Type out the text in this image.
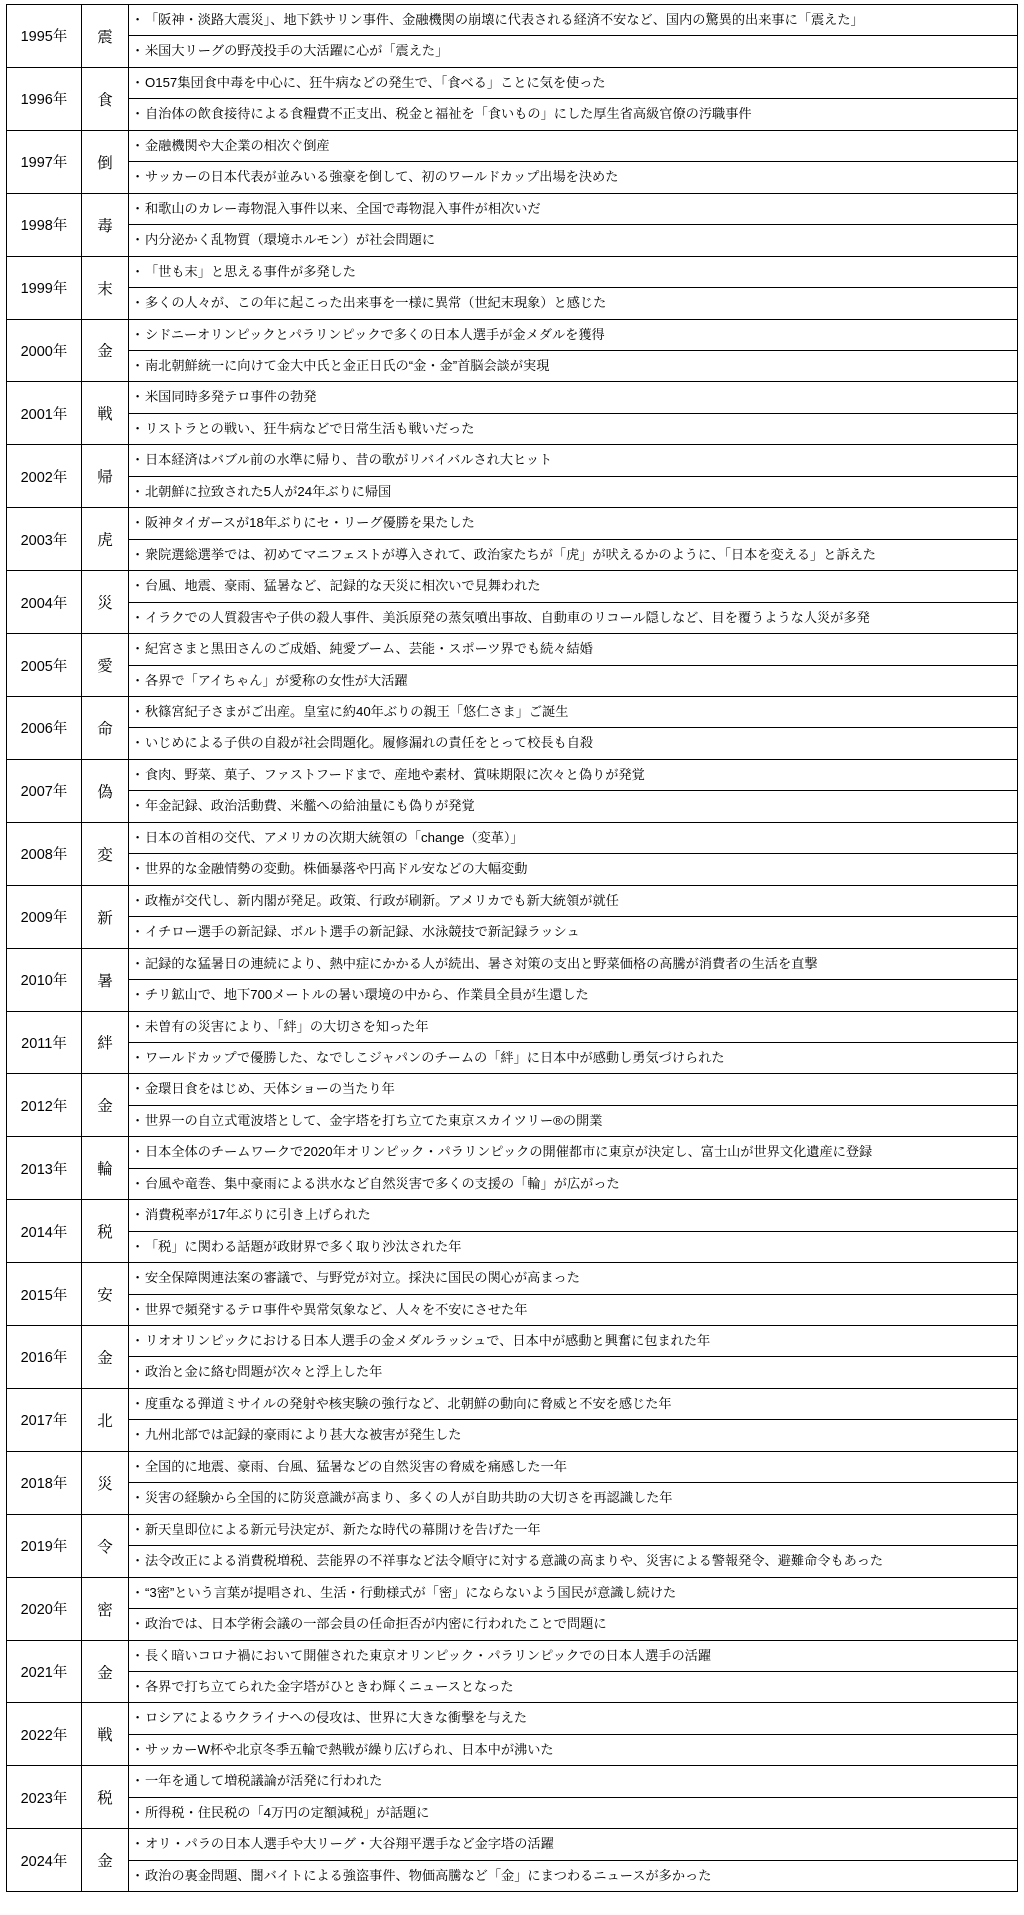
1995年	震	
・ 「阪神・淡路大震災」、地下鉄サリン事件、金融機関の崩壊に代表される経済不安など、国内の驚異的出来事に「震えた」
・ 米国大リーグの野茂投手の大活躍に心が「震えた」

1996年	食	
・ О157集団食中毒を中心に、狂牛病などの発生で、「食べる」ことに気を使った
・ 自治体の飲食接待による食糧費不正支出、税金と福祉を「食いもの」にした厚生省高級官僚の汚職事件

1997年	倒	
・ 金融機関や大企業の相次ぐ倒産
・ サッカーの日本代表が並みいる強豪を倒して、初のワールドカップ出場を決めた

1998年	毒	
・ 和歌山のカレー毒物混入事件以来、全国で毒物混入事件が相次いだ
・ 内分泌かく乱物質（環境ホルモン）が社会問題に

1999年	末	
・ 「世も末」と思える事件が多発した
・ 多くの人々が、この年に起こった出来事を一様に異常（世紀末現象）と感じた

2000年	金	
・ シドニーオリンピックとパラリンピックで多くの日本人選手が金メダルを獲得
・ 南北朝鮮統一に向けて金大中氏と金正日氏の“金・金”首脳会談が実現

2001年	戦	
・ 米国同時多発テロ事件の勃発
・ リストラとの戦い、狂牛病などで日常生活も戦いだった

2002年	帰	
・ 日本経済はバブル前の水準に帰り、昔の歌がリバイバルされ大ヒット
・ 北朝鮮に拉致された5人が24年ぶりに帰国

2003年	虎	
・ 阪神タイガースが18年ぶりにセ・リーグ優勝を果たした
・ 衆院選総選挙では、初めてマニフェストが導入されて、政治家たちが「虎」が吠えるかのように、「日本を変える」と訴えた

2004年	災	
・ 台風、地震、豪雨、猛暑など、記録的な天災に相次いで見舞われた
・ イラクでの人質殺害や子供の殺人事件、美浜原発の蒸気噴出事故、自動車のリコール隠しなど、目を覆うような人災が多発

2005年	愛	
・ 紀宮さまと黒田さんのご成婚、純愛ブーム、芸能・スポーツ界でも続々結婚
・ 各界で「アイちゃん」が愛称の女性が大活躍

2006年	命	
・ 秋篠宮紀子さまがご出産。皇室に約40年ぶりの親王「悠仁さま」ご誕生
・ いじめによる子供の自殺が社会問題化。履修漏れの責任をとって校長も自殺

2007年	偽	
・ 食肉、野菜、菓子、ファストフードまで、産地や素材、賞味期限に次々と偽りが発覚
・ 年金記録、政治活動費、米艦への給油量にも偽りが発覚

2008年	変	
・ 日本の首相の交代、アメリカの次期大統領の「change（変革）」
・ 世界的な金融情勢の変動。株価暴落や円高ドル安などの大幅変動

2009年	新	
・ 政権が交代し、新内閣が発足。政策、行政が刷新。アメリカでも新大統領が就任
・ イチロー選手の新記録、ボルト選手の新記録、水泳競技で新記録ラッシュ

2010年	暑	
・ 記録的な猛暑日の連続により、熱中症にかかる人が続出、暑さ対策の支出と野菜価格の高騰が消費者の生活を直撃
・ チリ鉱山で、地下700メートルの暑い環境の中から、作業員全員が生還した

2011年	絆	
・ 未曽有の災害により、「絆」の大切さを知った年
・ ワールドカップで優勝した、なでしこジャパンのチームの「絆」に日本中が感動し勇気づけられた

2012年	金	
・ 金環日食をはじめ、天体ショーの当たり年
・ 世界一の自立式電波塔として、金字塔を打ち立てた東京スカイツリー®の開業

2013年	輪	
・ 日本全体のチームワークで2020年オリンピック・パラリンピックの開催都市に東京が決定し、富士山が世界文化遺産に登録
・ 台風や竜巻、集中豪雨による洪水など自然災害で多くの支援の「輪」が広がった

2014年	税	
・ 消費税率が17年ぶりに引き上げられた
・ 「税」に関わる話題が政財界で多く取り沙汰された年

2015年	安	
・ 安全保障関連法案の審議で、与野党が対立。採決に国民の関心が高まった
・ 世界で頻発するテロ事件や異常気象など、人々を不安にさせた年

2016年	金	
・ リオオリンピックにおける日本人選手の金メダルラッシュで、日本中が感動と興奮に包まれた年
・ 政治と金に絡む問題が次々と浮上した年

2017年	北	
・ 度重なる弾道ミサイルの発射や核実験の強行など、北朝鮮の動向に脅威と不安を感じた年
・ 九州北部では記録的豪雨により甚大な被害が発生した

2018年	災	
・ 全国的に地震、豪雨、台風、猛暑などの自然災害の脅威を痛感した一年
・ 災害の経験から全国的に防災意識が高まり、多くの人が自助共助の大切さを再認識した年

2019年	令	
・ 新天皇即位による新元号決定が、新たな時代の幕開けを告げた一年
・ 法令改正による消費税増税、芸能界の不祥事など法令順守に対する意識の高まりや、災害による警報発令、避難命令もあった

2020年	密	
・ “3密”という言葉が提唱され、生活・行動様式が「密」にならないよう国民が意識し続けた
・ 政治では、日本学術会議の一部会員の任命拒否が内密に行われたことで問題に

2021年	金	
・ 長く暗いコロナ禍において開催された東京オリンピック・パラリンピックでの日本人選手の活躍
・ 各界で打ち立てられた金字塔がひときわ輝くニュースとなった

2022年	戦	
・ ロシアによるウクライナへの侵攻は、世界に大きな衝撃を与えた
・ サッカーW杯や北京冬季五輪で熱戦が繰り広げられ、日本中が沸いた

2023年	税	
・ 一年を通して増税議論が活発に行われた
・ 所得税・住民税の「4万円の定額減税」が話題に

2024年	金	
・ オリ・パラの日本人選手や大リーグ・大谷翔平選手など金字塔の活躍
・ 政治の裏金問題、闇バイトによる強盗事件、物価高騰など「金」にまつわるニュースが多かった
